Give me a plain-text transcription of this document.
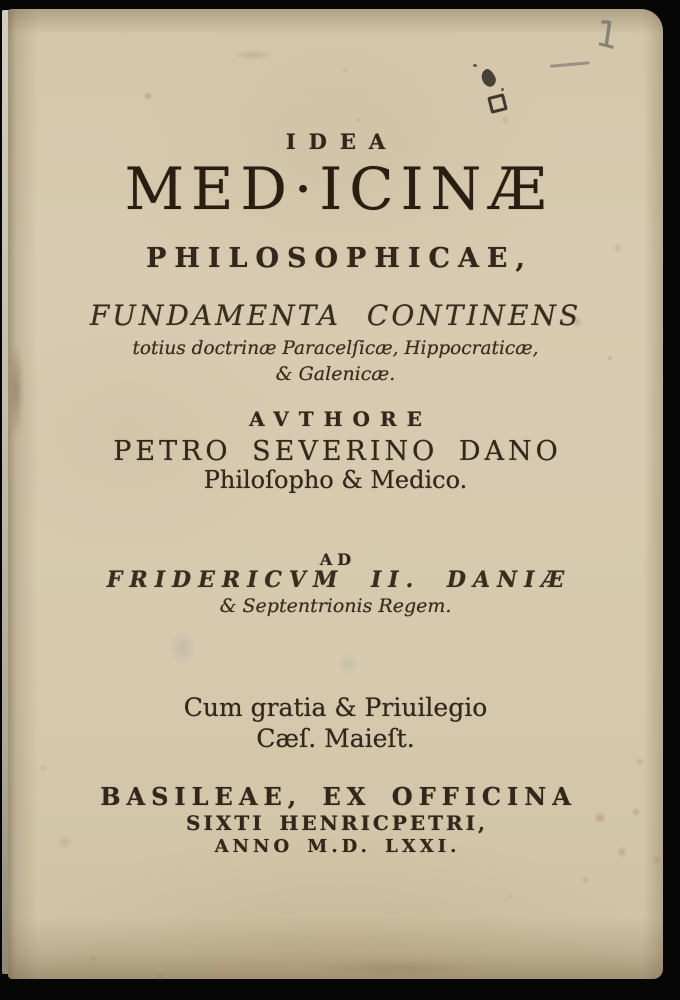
IDEA
MED·ICINÆ
PHILOSOPHICAE,
FUNDAMENTA CONTINENS
totius doctrinæ Paracelſicæ, Hippocraticæ,
& Galenicæ.
AVTHORE
PETRO SEVERINO DANO
Philoſopho & Medico.
AD
FRIDERICVM II. DANIÆ
& Septentrionis Regem.
Cum gratia & Priuilegio
Cæſ. Maieſt.
BASILEAE, EX OFFICINA
SIXTI HENRICPETRI,
ANNO M.D. LXXI.
1
